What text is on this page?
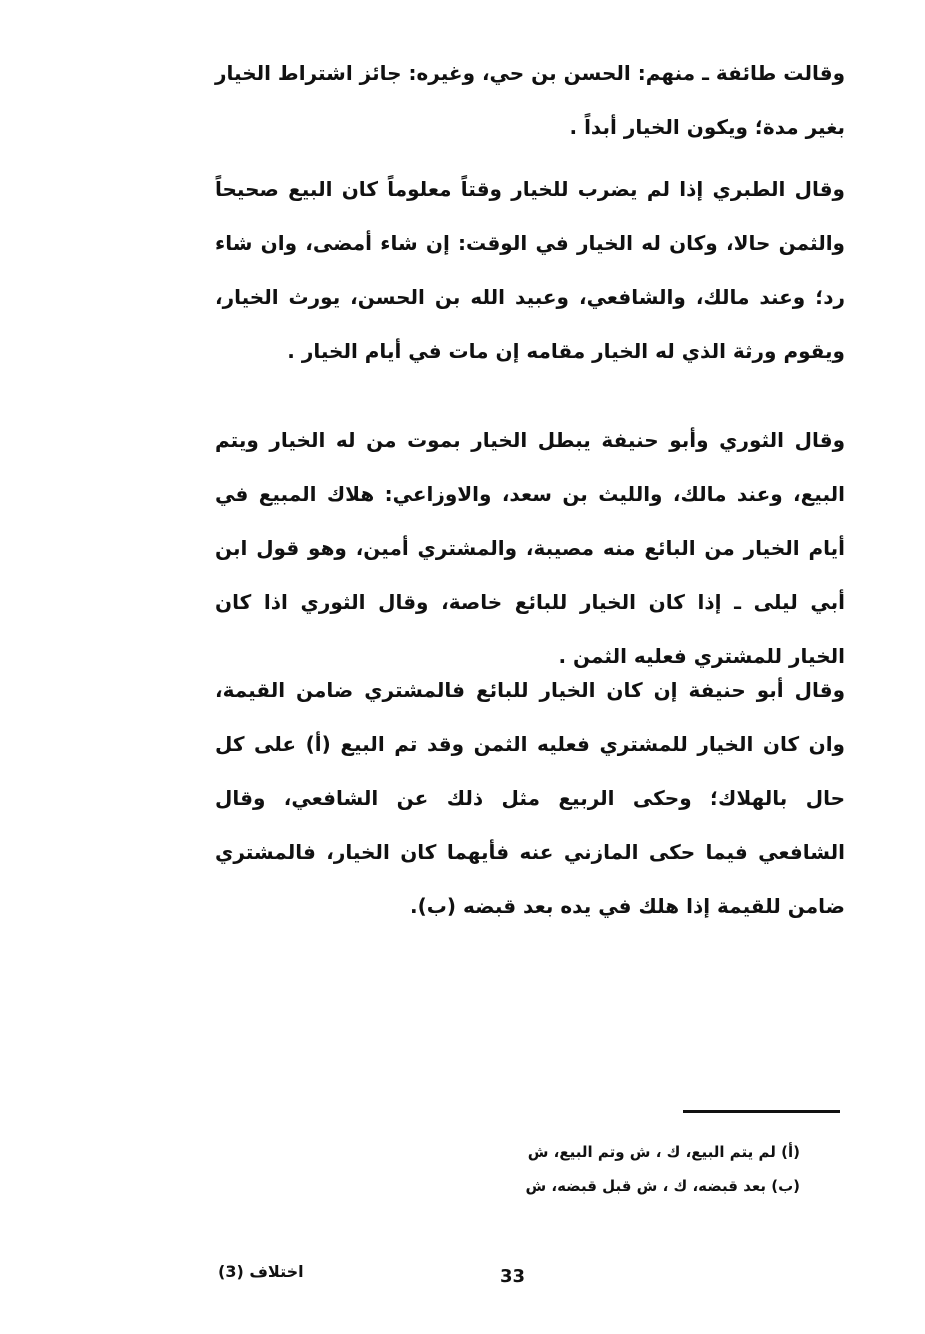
وقالت طائفة ـ منهم: الحسن بن حي، وغيره: جائز اشتراط الخيار بغير مدة؛ ويكون الخيار أبداً .

وقال الطبري إذا لم يضرب للخيار وقتاً معلوماً كان البيع صحيحاً والثمن حالا، وكان له الخيار في الوقت: إن شاء أمضى، وان شاء رد؛ وعند مالك، والشافعي، وعبيد الله بن الحسن، يورث الخيار، ويقوم ورثة الذي له الخيار مقامه إن مات في أيام الخيار .

وقال الثوري وأبو حنيفة يبطل الخيار بموت من له الخيار ويتم البيع، وعند مالك، والليث بن سعد، والاوزاعي: هلاك المبيع في أيام الخيار من البائع منه مصيبة، والمشتري أمين، وهو قول ابن أبي ليلى ـ إذا كان الخيار للبائع خاصة، وقال الثوري اذا كان الخيار للمشتري فعليه الثمن .

وقال أبو حنيفة إن كان الخيار للبائع فالمشتري ضامن القيمة، وان كان الخيار للمشتري فعليه الثمن وقد تم البيع (أ) على كل حال بالهلاك؛ وحكى الربيع مثل ذلك عن الشافعي، وقال الشافعي فيما حكى المازني عنه فأيهما كان الخيار، فالمشتري ضامن للقيمة إذا هلك في يده بعد قبضه (ب).

(أ) لم يتم البيع، ك ، ش وتم البيع، ش
(ب) بعد قبضه، ك ، ش قبل قبضه، ش
اختلاف (3)	33
